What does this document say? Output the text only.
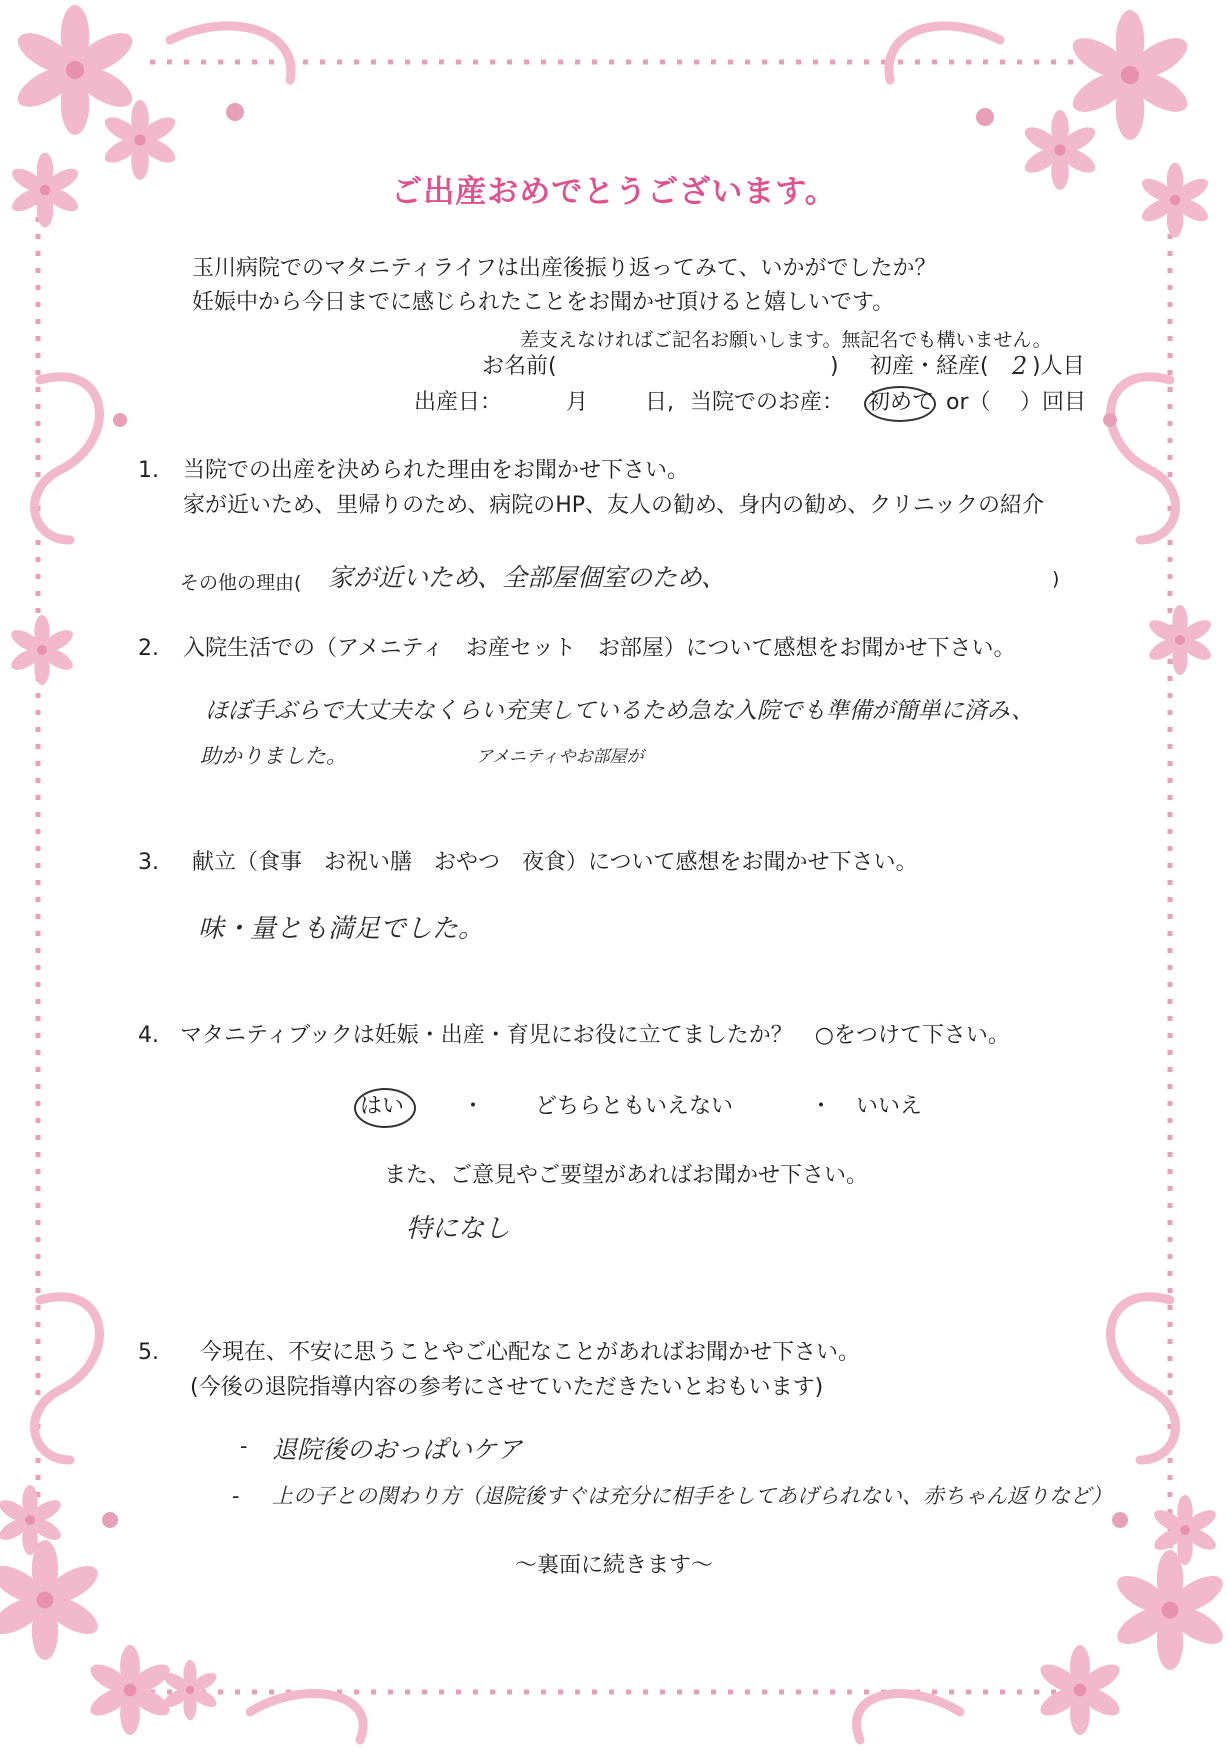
ご出産おめでとうございます。
玉川病院でのマタニティライフは出産後振り返ってみて、いかがでしたか？
妊娠中から今日までに感じられたことをお聞かせ頂けると嬉しいです。
差支えなければご記名お願いします。無記名でも構いません。
お名前(	) 初産・経産( 2 )人目
出産日：	月	日, 当院でのお産： 初めて or（ ）回目
1. 当院での出産を決められた理由をお聞かせ下さい。
家が近いため、里帰りのため、病院のHP、友人の勧め、身内の勧め、クリニックの紹介
その他の理由( 家が近いため、全部屋個室のため、	)
2. 入院生活での（アメニティ　お産セット　お部屋）について感想をお聞かせ下さい。
ほぼ手ぶらで大丈夫なくらい充実しているため急な入院でも準備が簡単に済み、
助かりました。	アメニティやお部屋が
3. 献立（食事　お祝い膳　おやつ　夜食）について感想をお聞かせ下さい。
味・量とも満足でした。
4. マタニティブックは妊娠・出産・育児にお役に立てましたか？　○をつけて下さい。
はい	・ どちらともいえない	・ いいえ
また、ご意見やご要望があればお聞かせ下さい。
特になし
5. 今現在、不安に思うことやご心配なことがあればお聞かせ下さい。
(今後の退院指導内容の参考にさせていただきたいとおもいます)
- 退院後のおっぱいケア
- 上の子との関わり方（退院後すぐは充分に相手をしてあげられない、赤ちゃん返りなど）
～裏面に続きます～
